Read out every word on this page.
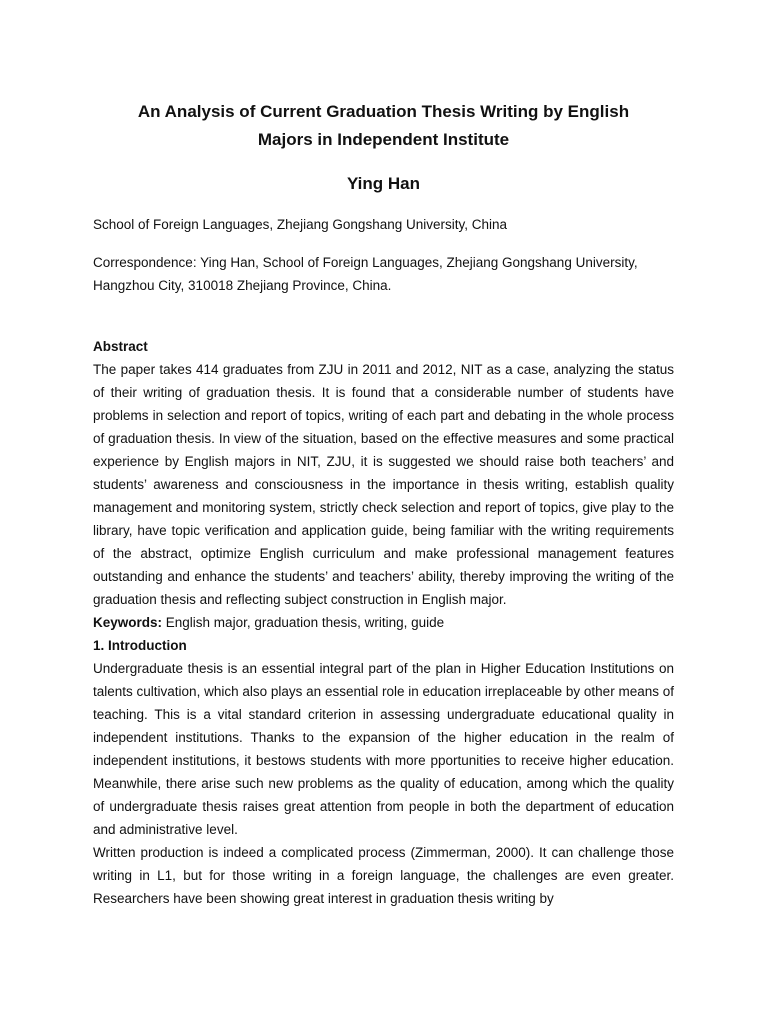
An Analysis of Current Graduation Thesis Writing by English
Majors in Independent Institute

Ying Han

School of Foreign Languages, Zhejiang Gongshang University, China

Correspondence: Ying Han, School of Foreign Languages, Zhejiang Gongshang University, Hangzhou City, 310018 Zhejiang Province, China.

Abstract

The paper takes 414 graduates from ZJU in 2011 and 2012, NIT as a case, analyzing the status of their writing of graduation thesis. It is found that a considerable number of students have problems in selection and report of topics, writing of each part and debating in the whole process of graduation thesis. In view of the situation, based on the effective measures and some practical experience by English majors in NIT, ZJU, it is suggested we should raise both teachers’ and students’ awareness and consciousness in the importance in thesis writing, establish quality management and monitoring system, strictly check selection and report of topics, give play to the library, have topic verification and application guide, being familiar with the writing requirements of the abstract, optimize English curriculum and make professional management features outstanding and enhance the students’ and teachers’ ability, thereby improving the writing of the graduation thesis and reflecting subject construction in English major.

Keywords: English major, graduation thesis, writing, guide

1. Introduction

Undergraduate thesis is an essential integral part of the plan in Higher Education Institutions on talents cultivation, which also plays an essential role in education irreplaceable by other means of teaching. This is a vital standard criterion in assessing undergraduate educational quality in independent institutions. Thanks to the expansion of the higher education in the realm of independent institutions, it bestows students with more pportunities to receive higher education. Meanwhile, there arise such new problems as the quality of education, among which the quality of undergraduate thesis raises great attention from people in both the department of education and administrative level.

Written production is indeed a complicated process (Zimmerman, 2000). It can challenge those writing in L1, but for those writing in a foreign language, the challenges are even greater. Researchers have been showing great interest in graduation thesis writing by
